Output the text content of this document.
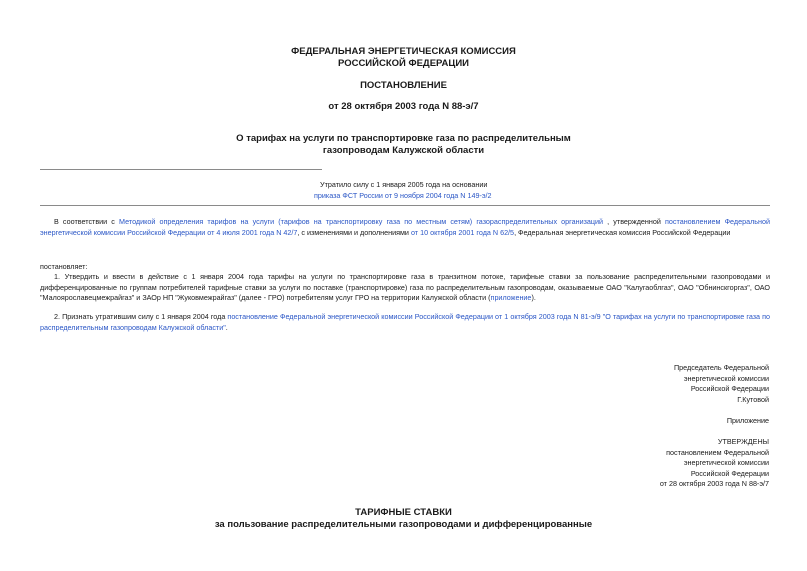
ФЕДЕРАЛЬНАЯ ЭНЕРГЕТИЧЕСКАЯ КОМИССИЯ
РОССИЙСКОЙ ФЕДЕРАЦИИ
ПОСТАНОВЛЕНИЕ
от 28 октября 2003 года N 88-э/7
О тарифах на услуги по транспортировке газа по распределительным
газопроводам Калужской области
Утратило силу с 1 января 2005 года на основании
приказа ФСТ России от 9 ноября 2004 года N 149-э/2
В соответствии с Методикой определения тарифов на услуги (тарифов на транспортировку газа по местным сетям) газораспределительных организаций , утвержденной постановлением Федеральной энергетической комиссии Российской Федерации от 4 июля 2001 года N 42/7, с изменениями и дополнениями от 10 октября 2001 года N 62/5, Федеральная энергетическая комиссия Российской Федерации
постановляет:
1. Утвердить и ввести в действие с 1 января 2004 года тарифы на услуги по транспортировке газа в транзитном потоке, тарифные ставки за пользование распределительными газопроводами и дифференцированные по группам потребителей тарифные ставки за услуги по поставке (транспортировке) газа по распределительным газопроводам, оказываемые ОАО "Калугаоблгаз", ОАО "Обнинскгоргаз", ОАО "Малоярославецмежрайгаз" и ЗАОр НП "Жуковмежрайгаз" (далее - ГРО) потребителям услуг ГРО на территории Калужской области (приложение).
2. Признать утратившим силу с 1 января 2004 года постановление Федеральной энергетической комиссии Российской Федерации от 1 октября 2003 года N 81-э/9 "О тарифах на услуги по транспортировке газа по распределительным газопроводам Калужской области".
Председатель Федеральной
энергетической комиссии
Российской Федерации
Г.Кутовой
Приложение
УТВЕРЖДЕНЫ
постановлением Федеральной
энергетической комиссии
Российской Федерации
от 28 октября 2003 года N 88-э/7
ТАРИФНЫЕ СТАВКИ
за пользование распределительными газопроводами и дифференцированные
